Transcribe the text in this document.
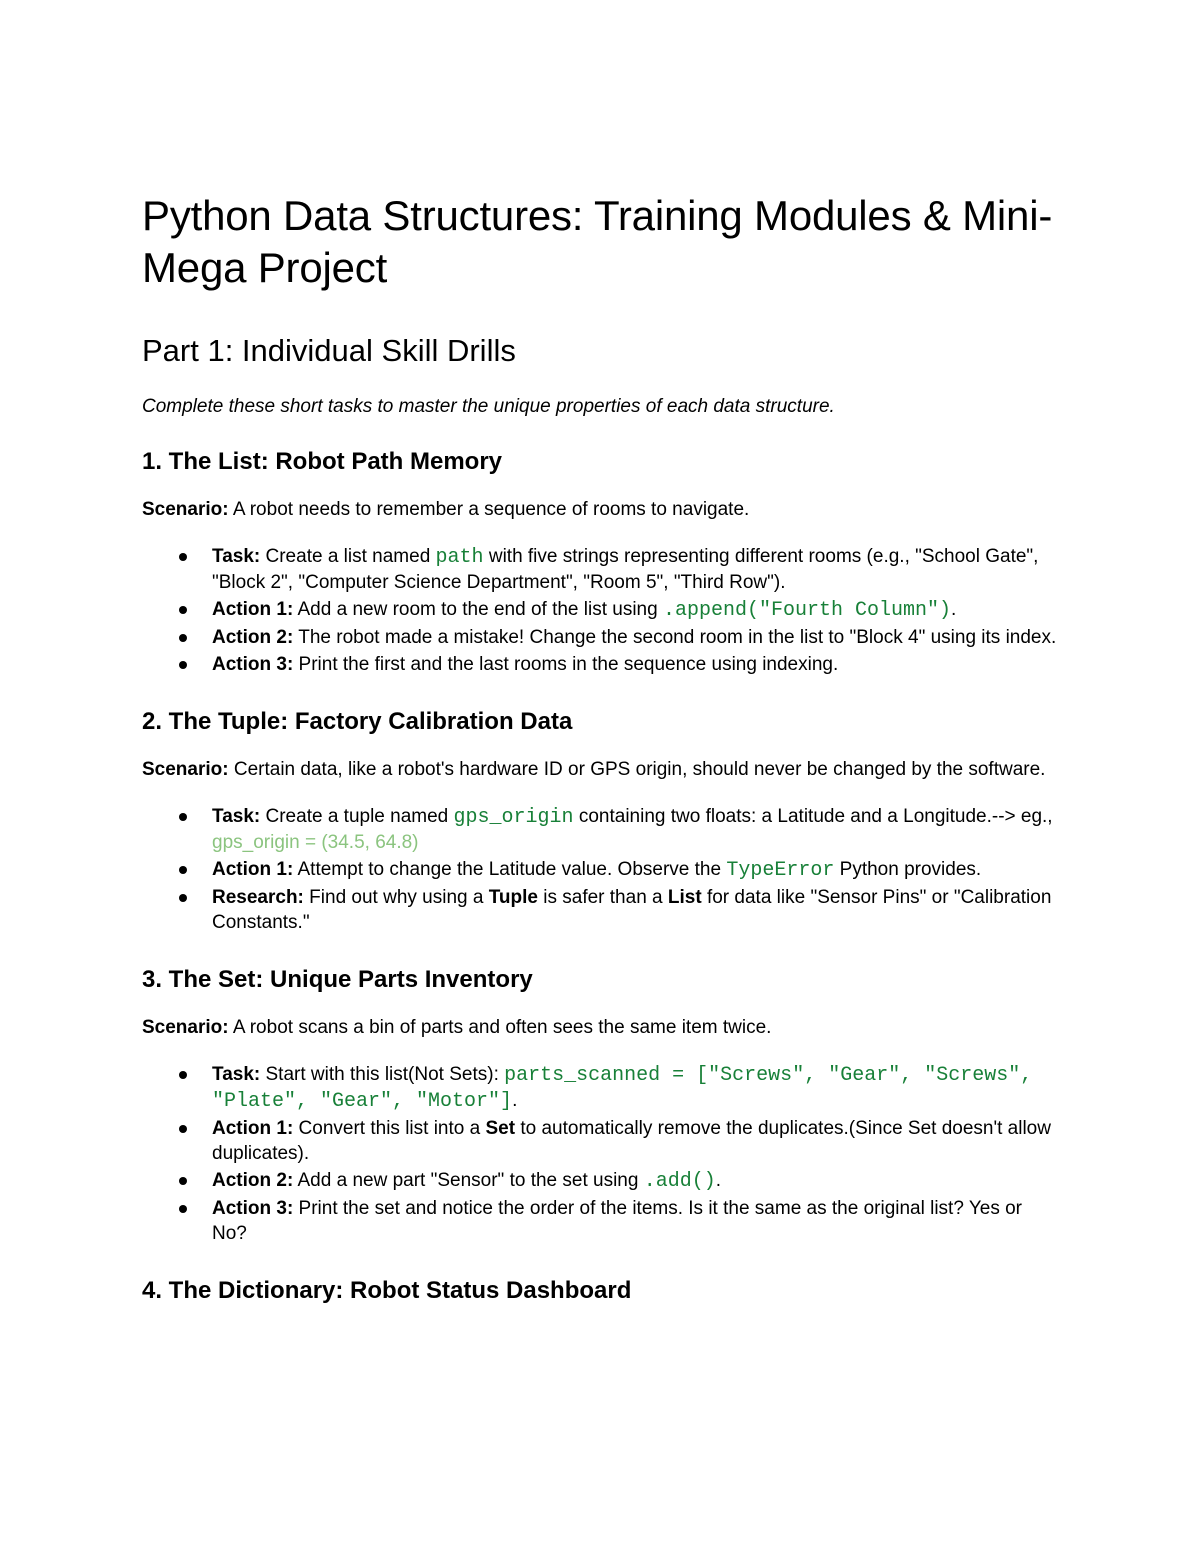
Python Data Structures: Training Modules & Mini-Mega Project
Part 1: Individual Skill Drills

Complete these short tasks to master the unique properties of each data structure.

1. The List: Robot Path Memory

Scenario: A robot needs to remember a sequence of rooms to navigate.

Task: Create a list named path with five strings representing different rooms (e.g., "School Gate", "Block 2", "Computer Science Department", "Room 5", "Third Row").
Action 1: Add a new room to the end of the list using .append("Fourth Column").
Action 2: The robot made a mistake! Change the second room in the list to "Block 4" using its index.
Action 3: Print the first and the last rooms in the sequence using indexing.
2. The Tuple: Factory Calibration Data

Scenario: Certain data, like a robot's hardware ID or GPS origin, should never be changed by the software.

Task: Create a tuple named gps_origin containing two floats: a Latitude and a Longitude.--> eg., gps_origin = (34.5, 64.8)
Action 1: Attempt to change the Latitude value. Observe the TypeError Python provides.
Research: Find out why using a Tuple is safer than a List for data like "Sensor Pins" or "Calibration Constants."
3. The Set: Unique Parts Inventory

Scenario: A robot scans a bin of parts and often sees the same item twice.

Task: Start with this list(Not Sets): parts_scanned = ["Screws", "Gear", "Screws", "Plate", "Gear", "Motor"].
Action 1: Convert this list into a Set to automatically remove the duplicates.(Since Set doesn't allow duplicates).
Action 2: Add a new part "Sensor" to the set using .add().
Action 3: Print the set and notice the order of the items. Is it the same as the original list? Yes or No?
4. The Dictionary: Robot Status Dashboard
